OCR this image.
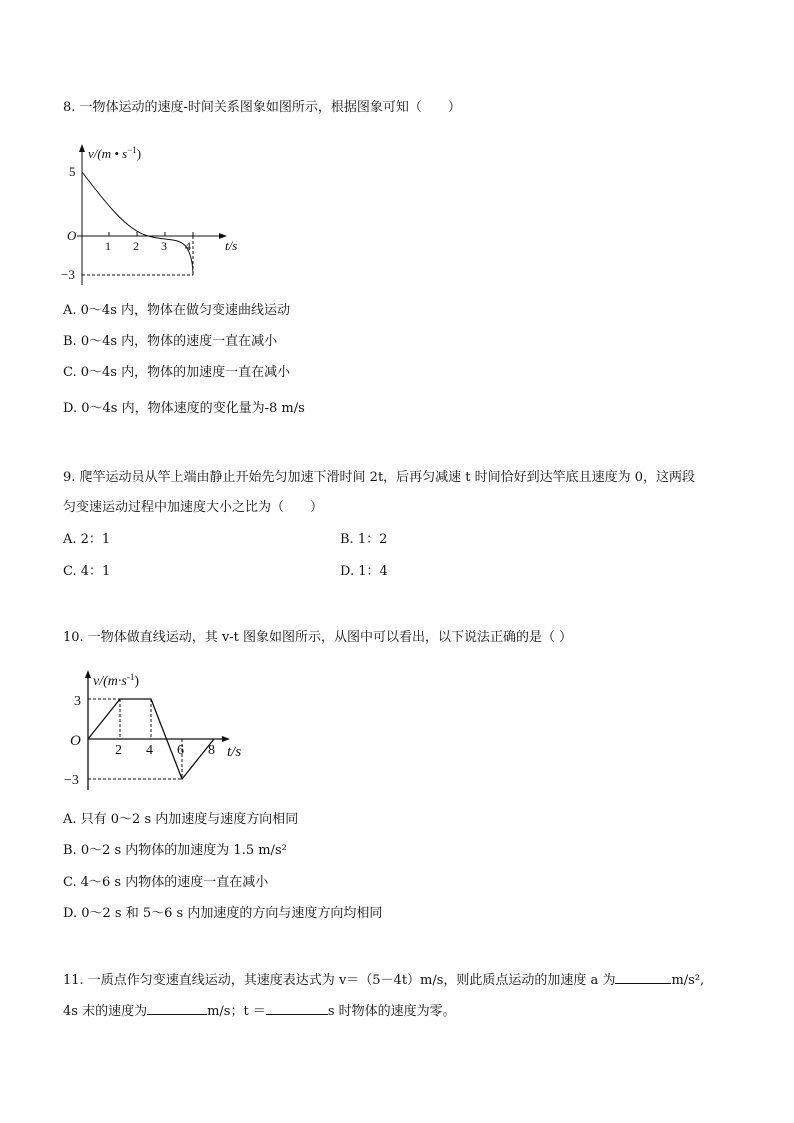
8. 一物体运动的速度-时间关系图象如图所示，根据图象可知（　　）
v/(m • $s^{-1}$)
5
O
−3
1 2 3 4	t/s
A. 0～4s 内，物体在做匀变速曲线运动
B. 0～4s 内，物体的速度一直在减小
C. 0～4s 内，物体的加速度一直在减小
D. 0～4s 内，物体速度的变化量为-8 m/s
9. 爬竿运动员从竿上端由静止开始先匀加速下滑时间 2t，后再匀减速 t 时间恰好到达竿底且速度为 0，这两段
匀变速运动过程中加速度大小之比为（　　）
A. 2：1	B. 1：2
C. 4：1	D. 1：4
10. 一物体做直线运动，其 v-t 图象如图所示，从图中可以看出，以下说法正确的是（ ）
$v/(m\cdot s^{-1})$
3
O
−3
2 4 6 8 t/s
A. 只有 0～2 s 内加速度与速度方向相同
B. 0～2 s 内物体的加速度为 1.5 m/s²
C. 4～6 s 内物体的速度一直在减小
D. 0～2 s 和 5～6 s 内加速度的方向与速度方向均相同
11. 一质点作匀变速直线运动，其速度表达式为 v＝（5－4t）m/s，则此质点运动的加速度 a 为	m/s²,
4s 末的速度为	m/s；t ＝	s 时物体的速度为零。
